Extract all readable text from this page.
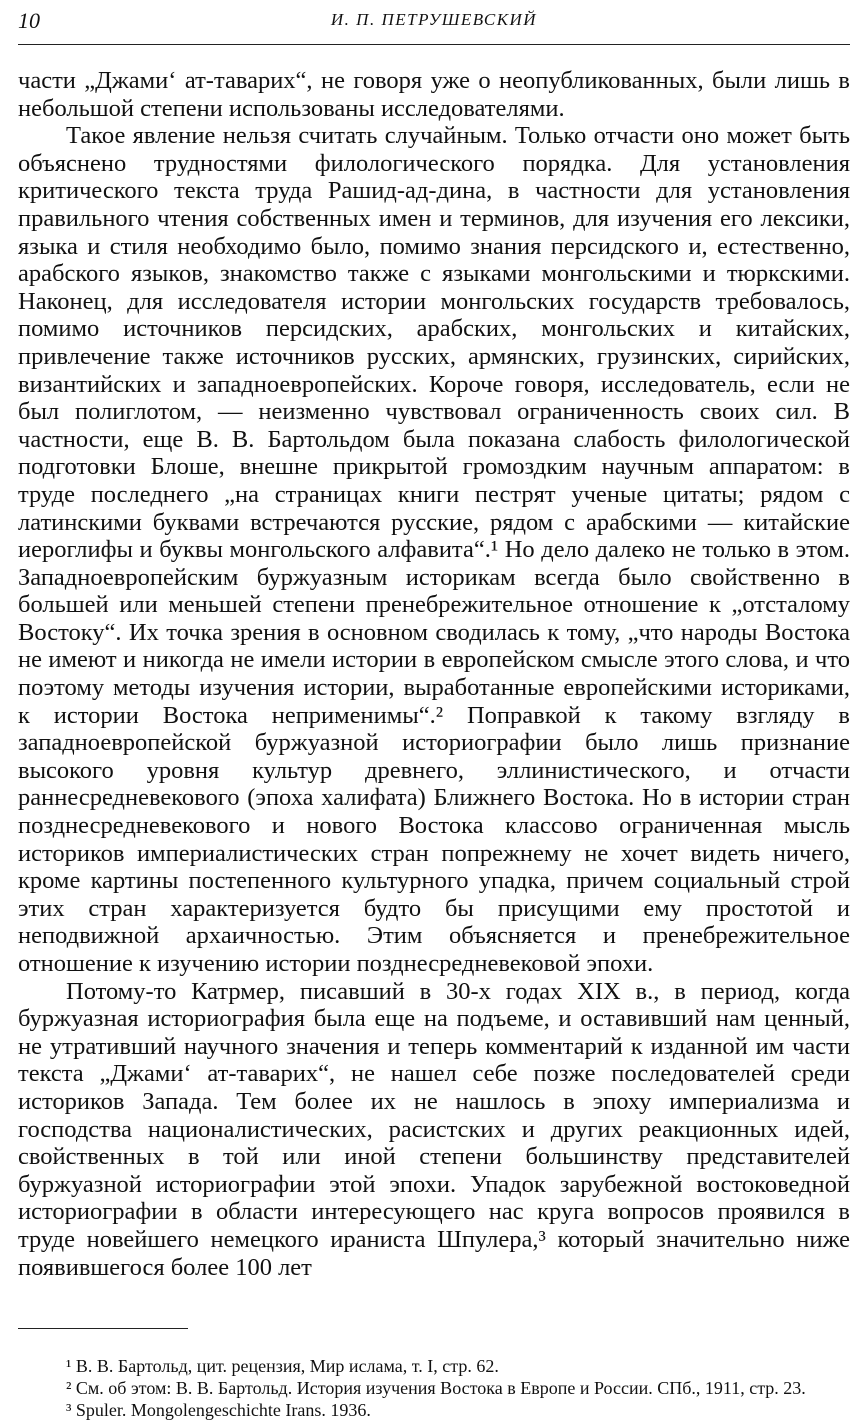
10	И. П. ПЕТРУШЕВСКИЙ

части „Джами‘ ат-таварих“, не говоря уже о неопубликованных, были лишь в небольшой степени использованы исследователями.

Такое явление нельзя считать случайным. Только отчасти оно может быть объяснено трудностями филологического порядка. Для установления критического текста труда Рашид-ад-дина, в частности для установления правильного чтения собственных имен и терминов, для изучения его лексики, языка и стиля необходимо было, помимо знания персидского и, естественно, арабского языков, знакомство также с языками монгольскими и тюркскими. Наконец, для исследователя истории монгольских государств требовалось, помимо источников персидских, арабских, монгольских и китайских, привлечение также источников русских, армянских, грузинских, сирийских, византийских и западноевропейских. Короче говоря, исследователь, если не был полиглотом, — неизменно чувствовал ограниченность своих сил. В частности, еще В. В. Бартольдом была показана слабость филологической подготовки Блоше, внешне прикрытой громоздким научным аппаратом: в труде последнего „на страницах книги пестрят ученые цитаты; рядом с латинскими буквами встречаются русские, рядом с арабскими — китайские иероглифы и буквы монгольского алфавита“.¹ Но дело далеко не только в этом. Западноевропейским буржуазным историкам всегда было свойственно в большей или меньшей степени пренебрежительное отношение к „отсталому Востоку“. Их точка зрения в основном сводилась к тому, „что народы Востока не имеют и никогда не имели истории в европейском смысле этого слова, и что поэтому методы изучения истории, выработанные европейскими историками, к истории Востока неприменимы“.² Поправкой к такому взгляду в западноевропейской буржуазной историографии было лишь признание высокого уровня культур древнего, эллинистического, и отчасти раннесредневекового (эпоха халифата) Ближнего Востока. Но в истории стран позднесредневекового и нового Востока классово ограниченная мысль историков империалистических стран попрежнему не хочет видеть ничего, кроме картины постепенного культурного упадка, причем социальный строй этих стран характеризуется будто бы присущими ему простотой и неподвижной архаичностью. Этим объясняется и пренебрежительное отношение к изучению истории позднесредневековой эпохи.

Потому-то Катрмер, писавший в 30-х годах XIX в., в период, когда буржуазная историография была еще на подъеме, и оставивший нам ценный, не утративший научного значения и теперь комментарий к изданной им части текста „Джами‘ ат-таварих“, не нашел себе позже последователей среди историков Запада. Тем более их не нашлось в эпоху империализма и господства националистических, расистских и других реакционных идей, свойственных в той или иной степени большинству представителей буржуазной историографии этой эпохи. Упадок зарубежной востоковедной историографии в области интересующего нас круга вопросов проявился в труде новейшего немецкого ираниста Шпулера,³ который значительно ниже появившегося более 100 лет

¹ В. В. Бартольд, цит. рецензия, Мир ислама, т. I, стр. 62.

² См. об этом: В. В. Бартольд. История изучения Востока в Европе и России. СПб., 1911, стр. 23.

³ Spuler. Mongolengeschichte Irans. 1936.
